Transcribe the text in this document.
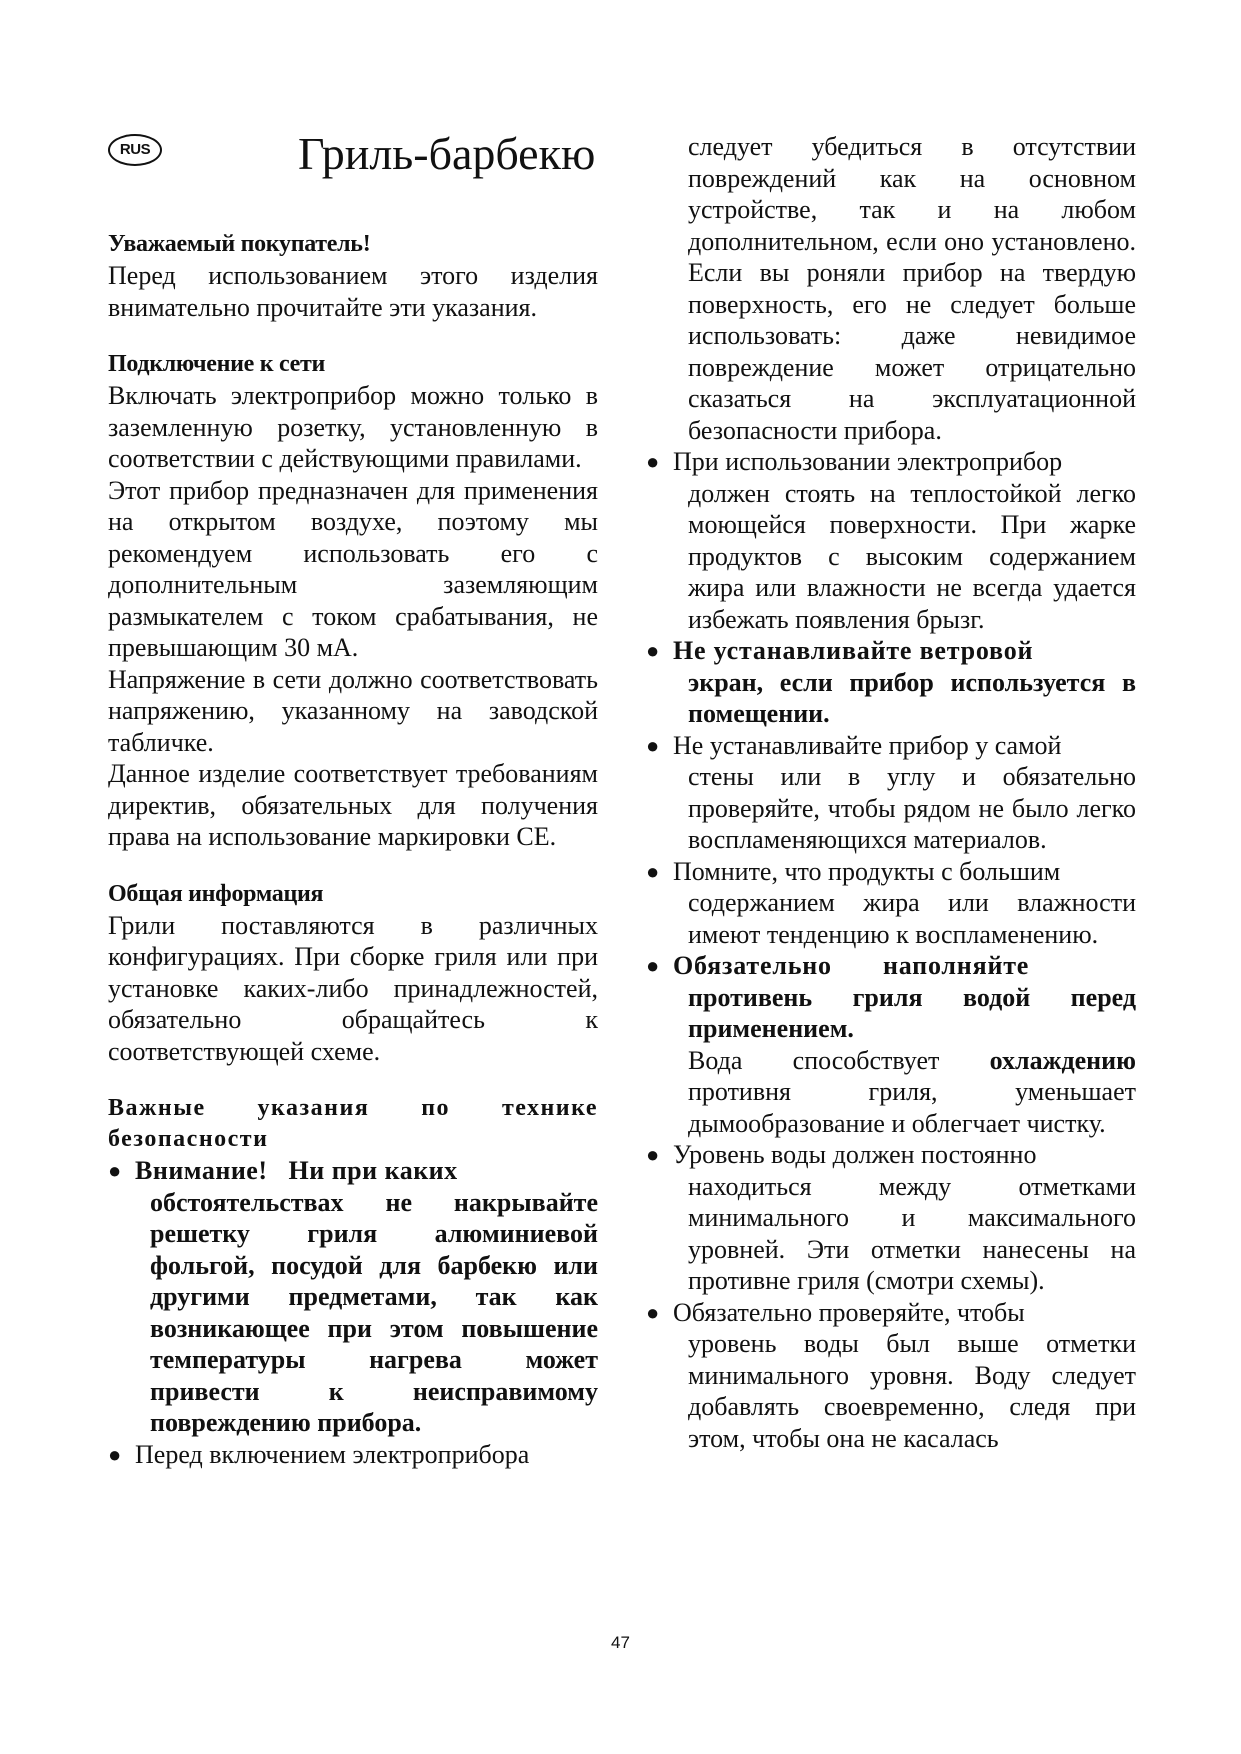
RUS	Гриль-барбекю

Уважаемый покупатель!

Перед использованием этого изделия внимательно прочитайте эти указания.

Подключение к сети

Включать электроприбор можно только в заземленную розетку, установленную в соответствии с действующими правилами.

Этот прибор предназначен для применения на открытом воздухе, поэтому мы рекомендуем использовать его с дополнительным заземляющим размыкателем с током срабатывания, не превышающим 30 мА.

Напряжение в сети должно соответствовать напряжению, указанному на заводской табличке.

Данное изделие соответствует требованиям директив, обязательных для получения права на использование маркировки CE.

Общая информация

Грили поставляются в различных конфигурациях. При сборке гриля или при установке каких-либо принадлежностей, обязательно обращайтесь к соответствующей схеме.

Важные указания по технике безопасности

● Внимание!   Ни при каких
обстоятельствах не накрывайте решетку гриля алюминиевой фольгой, посудой для барбекю или другими предметами, так как возникающее при этом повышение температуры нагрева может привести к неисправимому повреждению прибора.
● Перед включением электроприбора

следует убедиться в отсутствии повреждений как на основном устройстве, так и на любом дополнительном, если оно установлено. Если вы роняли прибор на твердую поверхность, его не следует больше использовать: даже невидимое повреждение может отрицательно сказаться на эксплуатационной безопасности прибора.

● При использовании электроприбор
должен стоять на теплостойкой легко моющейся поверхности. При жарке продуктов с высоким содержанием жира или влажности не всегда удается избежать появления брызг.
● Не устанавливайте ветровой
экран, если прибор используется в помещении.
● Не устанавливайте прибор у самой
стены или в углу и обязательно проверяйте, чтобы рядом не было легко воспламеняющихся материалов.
● Помните, что продукты с большим
содержанием жира или влажности имеют тенденцию к воспламенению.
● Обязательно       наполняйте
противень гриля водой перед применением.
Вода способствует охлаждению противня гриля, уменьшает дымообразование и облегчает чистку.
● Уровень воды должен постоянно
находиться между отметками минимального и максимального уровней. Эти отметки нанесены на противне гриля (смотри схемы).
● Обязательно проверяйте, чтобы
уровень воды был выше отметки минимального уровня. Воду следует добавлять своевременно, следя при этом, чтобы она не касалась
47
